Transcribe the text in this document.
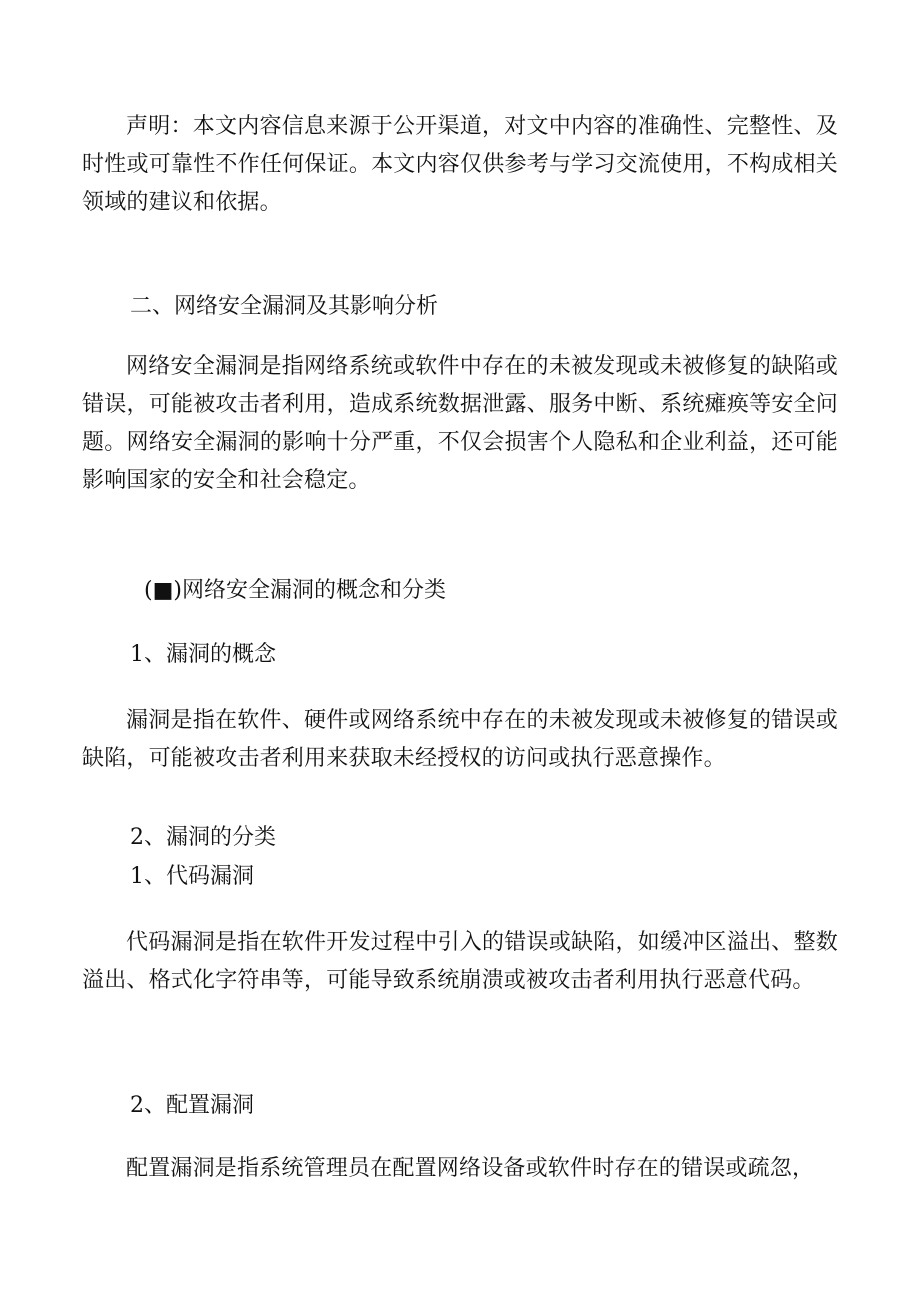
声明：本文内容信息来源于公开渠道，对文中内容的准确性、完整性、及时性或可靠性不作任何保证。本文内容仅供参考与学习交流使用，不构成相关领域的建议和依据。

二、网络安全漏洞及其影响分析

网络安全漏洞是指网络系统或软件中存在的未被发现或未被修复的缺陷或错误，可能被攻击者利用，造成系统数据泄露、服务中断、系统瘫痪等安全问题。网络安全漏洞的影响十分严重，不仅会损害个人隐私和企业利益，还可能影响国家的安全和社会稳定。

(■)网络安全漏洞的概念和分类
1、漏洞的概念

漏洞是指在软件、硬件或网络系统中存在的未被发现或未被修复的错误或缺陷，可能被攻击者利用来获取未经授权的访问或执行恶意操作。

2、漏洞的分类
1、代码漏洞

代码漏洞是指在软件开发过程中引入的错误或缺陷，如缓冲区溢出、整数溢出、格式化字符串等，可能导致系统崩溃或被攻击者利用执行恶意代码。

2、配置漏洞

配置漏洞是指系统管理员在配置网络设备或软件时存在的错误或疏忽，
